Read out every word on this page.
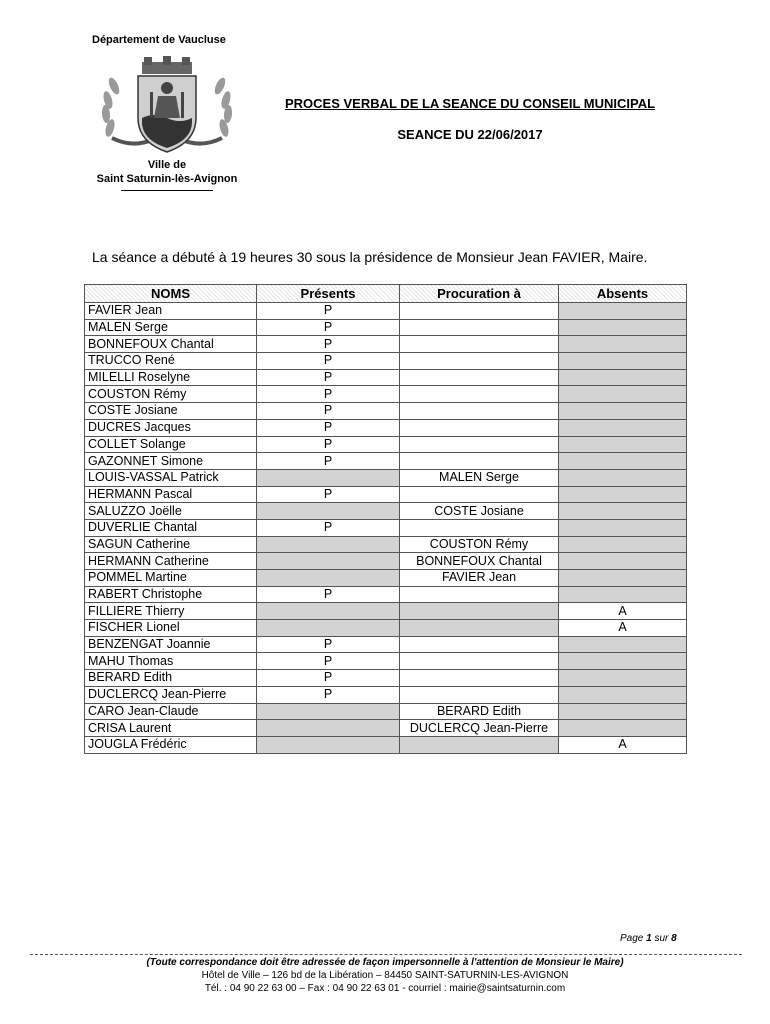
Département de Vaucluse
Ville de
Saint Saturnin-lès-Avignon
PROCES VERBAL DE LA SEANCE DU CONSEIL MUNICIPAL
SEANCE DU 22/06/2017
La séance a débuté à 19 heures 30 sous la présidence de Monsieur Jean FAVIER, Maire.
NOMS	Présents	Procuration à	Absents
FAVIER Jean	P		
MALEN Serge	P		
BONNEFOUX Chantal	P		
TRUCCO René	P		
MILELLI Roselyne	P		
COUSTON Rémy	P		
COSTE Josiane	P		
DUCRES Jacques	P		
COLLET Solange	P		
GAZONNET Simone	P		
LOUIS-VASSAL Patrick		MALEN Serge	
HERMANN Pascal	P		
SALUZZO Joëlle		COSTE Josiane	
DUVERLIE Chantal	P		
SAGUN Catherine		COUSTON Rémy	
HERMANN Catherine		BONNEFOUX Chantal	
POMMEL Martine		FAVIER Jean	
RABERT Christophe	P		
FILLIERE Thierry			A
FISCHER Lionel			A
BENZENGAT Joannie	P		
MAHU Thomas	P		
BERARD Edith	P		
DUCLERCQ Jean-Pierre	P		
CARO Jean-Claude		BERARD Edith	
CRISA Laurent		DUCLERCQ Jean-Pierre	
JOUGLA Frédéric			A
Page 1 sur 8
(Toute correspondance doit être adressée de façon impersonnelle à l'attention de Monsieur le Maire)
Hôtel de Ville – 126 bd de la Libération – 84450 SAINT-SATURNIN-LES-AVIGNON
Tél. : 04 90 22 63 00 – Fax : 04 90 22 63 01 - courriel : mairie@saintsaturnin.com
